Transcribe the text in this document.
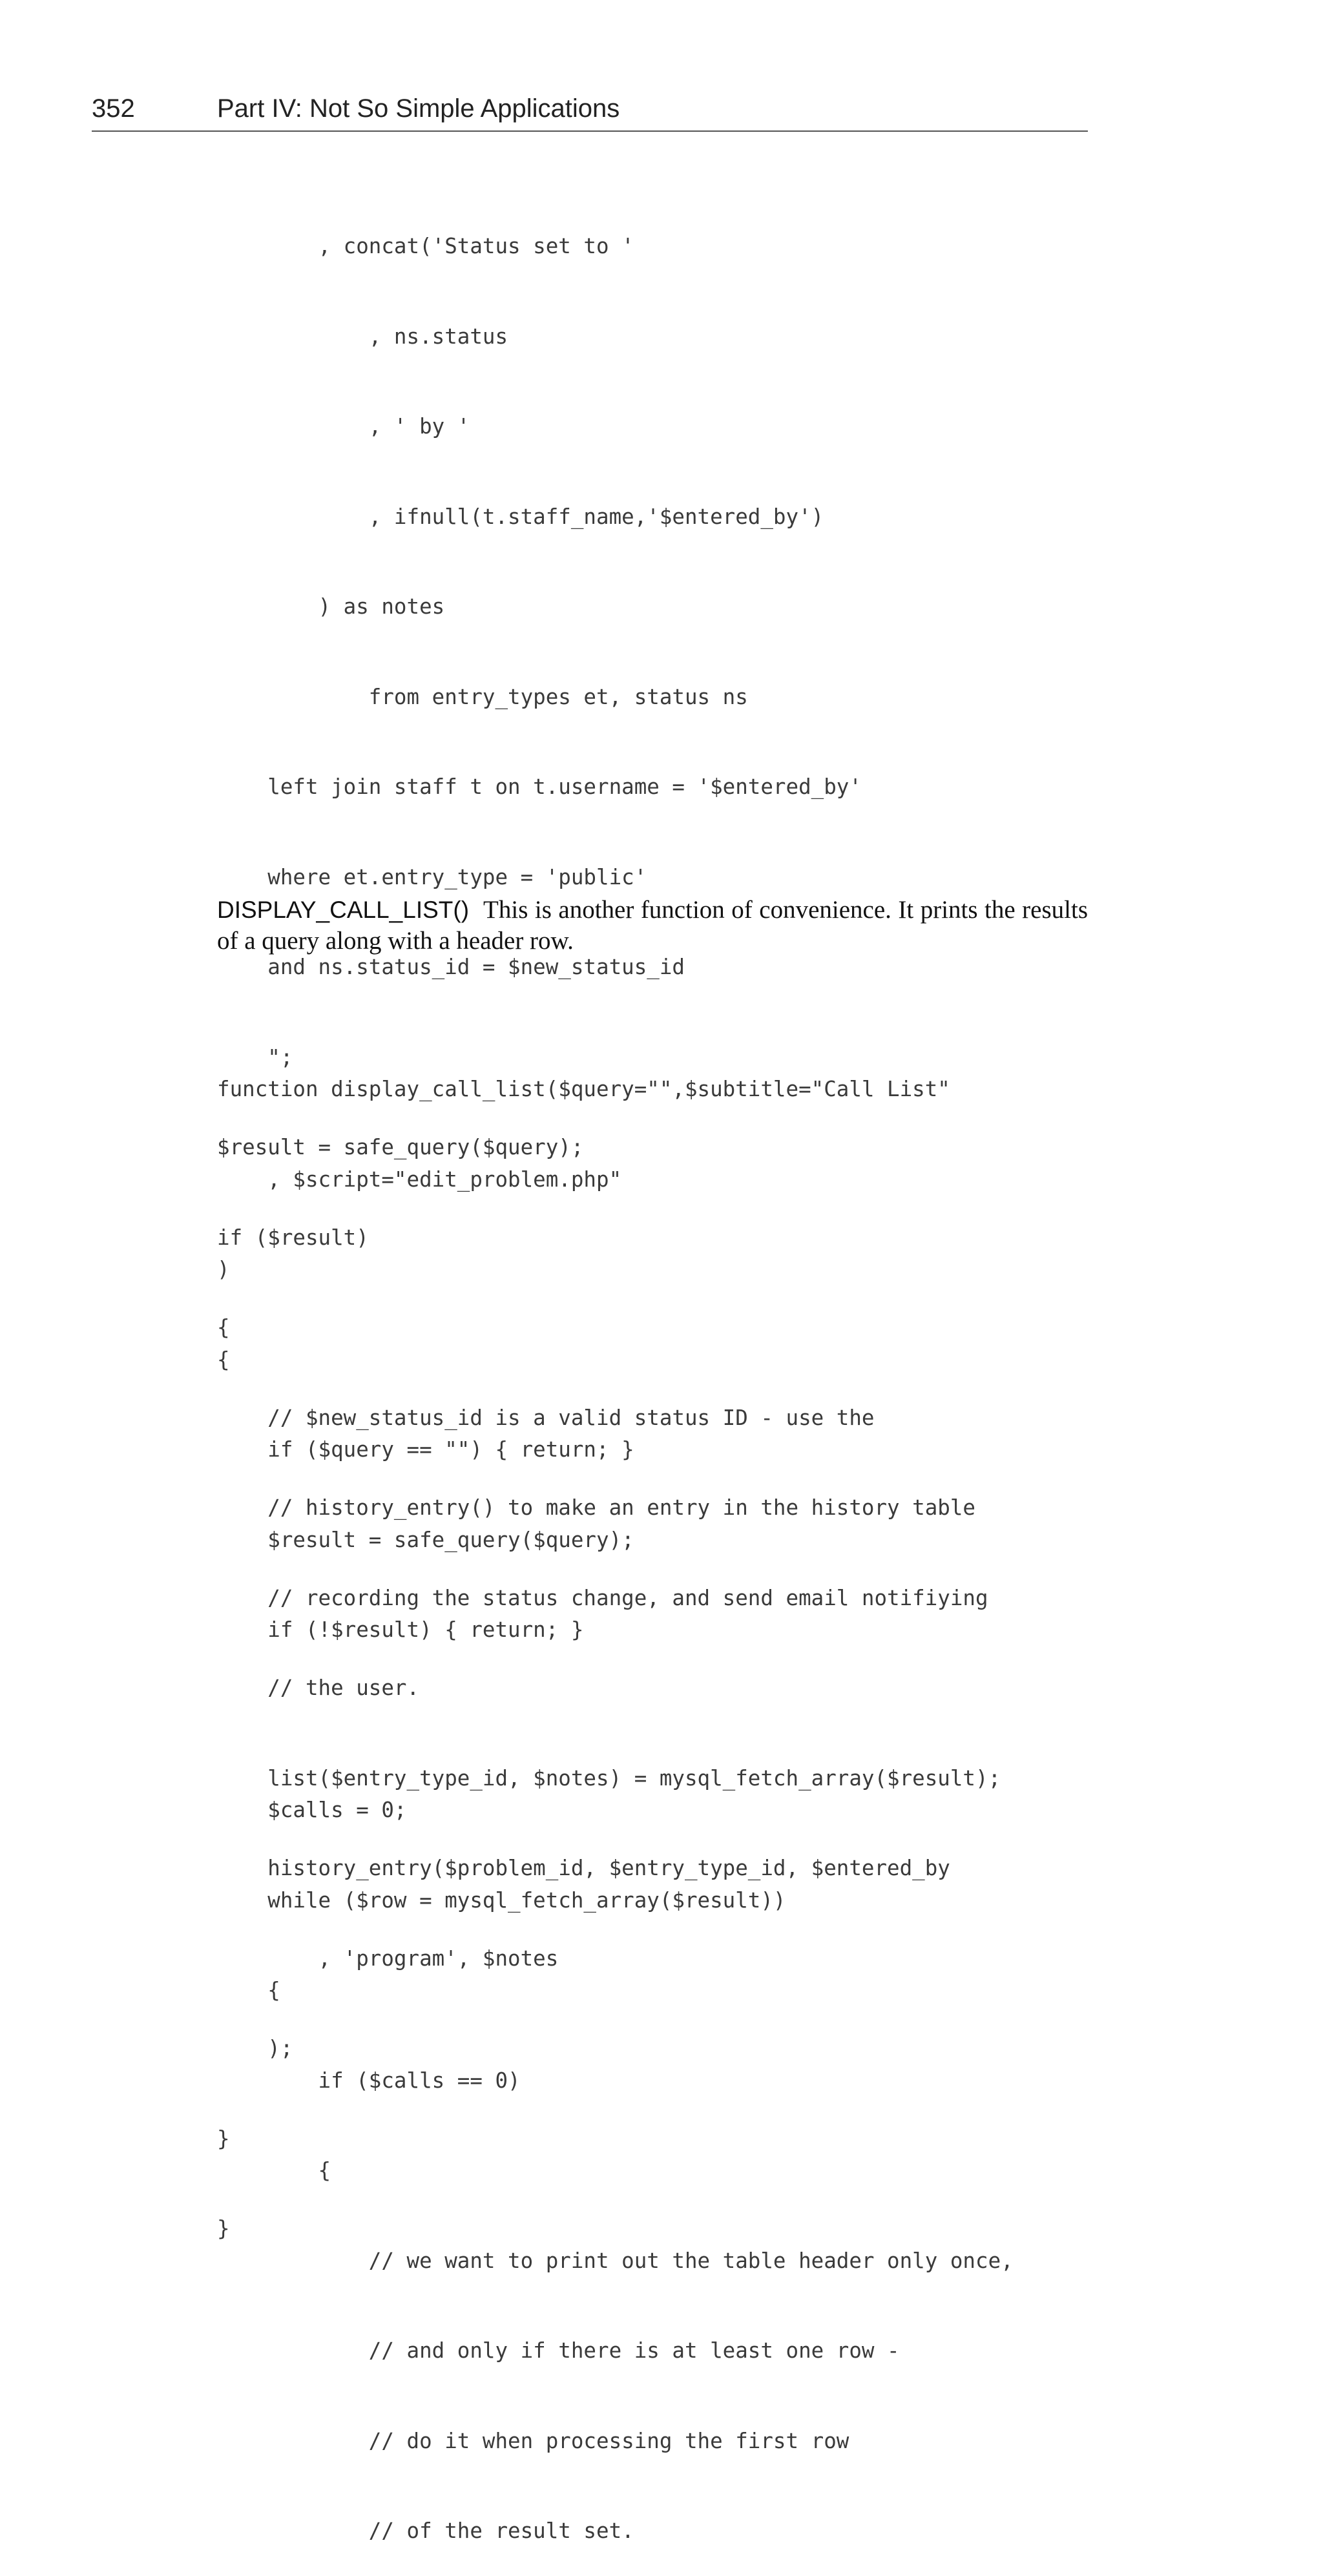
352	Part IV: Not So Simple Applications

, concat('Status set to '

, ns.status

, ' by '

, ifnull(t.staff_name,'$entered_by')

) as notes

from entry_types et, status ns

left join staff t on t.username = '$entered_by'

where et.entry_type = 'public'

and ns.status_id = $new_status_id

";

$result = safe_query($query);

if ($result)

{

// $new_status_id is a valid status ID - use the

// history_entry() to make an entry in the history table

// recording the status change, and send email notifiying

// the user.

list($entry_type_id, $notes) = mysql_fetch_array($result);

history_entry($problem_id, $entry_type_id, $entered_by

, 'program', $notes

);

}

}

DISPLAY_CALL_LIST() This is another function of convenience. It prints the results of a query along with a header row.

function display_call_list($query="",$subtitle="Call List"

, $script="edit_problem.php"

)

{

if ($query == "") { return; }

$result = safe_query($query);

if (!$result) { return; }

$calls = 0;

while ($row = mysql_fetch_array($result))

{

if ($calls == 0)

{

// we want to print out the table header only once,

// and only if there is at least one row -

// do it when processing the first row

// of the result set.
